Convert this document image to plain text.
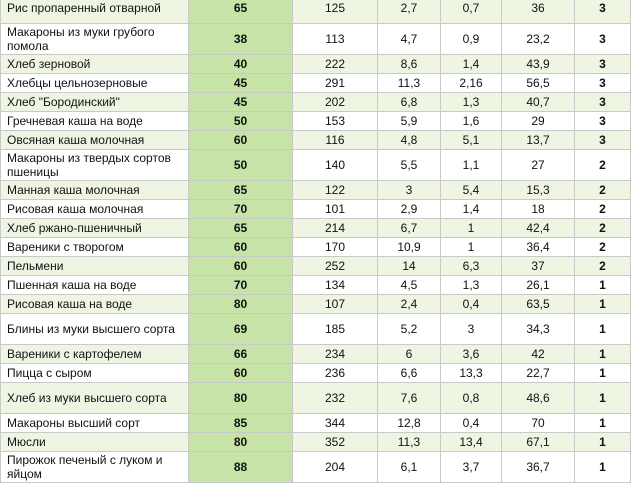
Рис пропаренный отварной	65	125	2,7	0,7	36	3
Макароны из муки грубого помола	38	113	4,7	0,9	23,2	3
Хлеб зерновой	40	222	8,6	1,4	43,9	3
Хлебцы цельнозерновые	45	291	11,3	2,16	56,5	3
Хлеб "Бородинский"	45	202	6,8	1,3	40,7	3
Гречневая каша на воде	50	153	5,9	1,6	29	3
Овсяная каша молочная	60	116	4,8	5,1	13,7	3
Макароны из твердых сортов пшеницы	50	140	5,5	1,1	27	2
Манная каша молочная	65	122	3	5,4	15,3	2
Рисовая каша молочная	70	101	2,9	1,4	18	2
Хлеб ржано-пшеничный	65	214	6,7	1	42,4	2
Вареники с творогом	60	170	10,9	1	36,4	2
Пельмени	60	252	14	6,3	37	2
Пшенная каша на воде	70	134	4,5	1,3	26,1	1
Рисовая каша на воде	80	107	2,4	0,4	63,5	1
Блины из муки высшего сорта	69	185	5,2	3	34,3	1
Вареники с картофелем	66	234	6	3,6	42	1
Пицца с сыром	60	236	6,6	13,3	22,7	1
Хлеб из муки высшего сорта	80	232	7,6	0,8	48,6	1
Макароны высший сорт	85	344	12,8	0,4	70	1
Мюсли	80	352	11,3	13,4	67,1	1
Пирожок печеный с луком и яйцом	88	204	6,1	3,7	36,7	1
